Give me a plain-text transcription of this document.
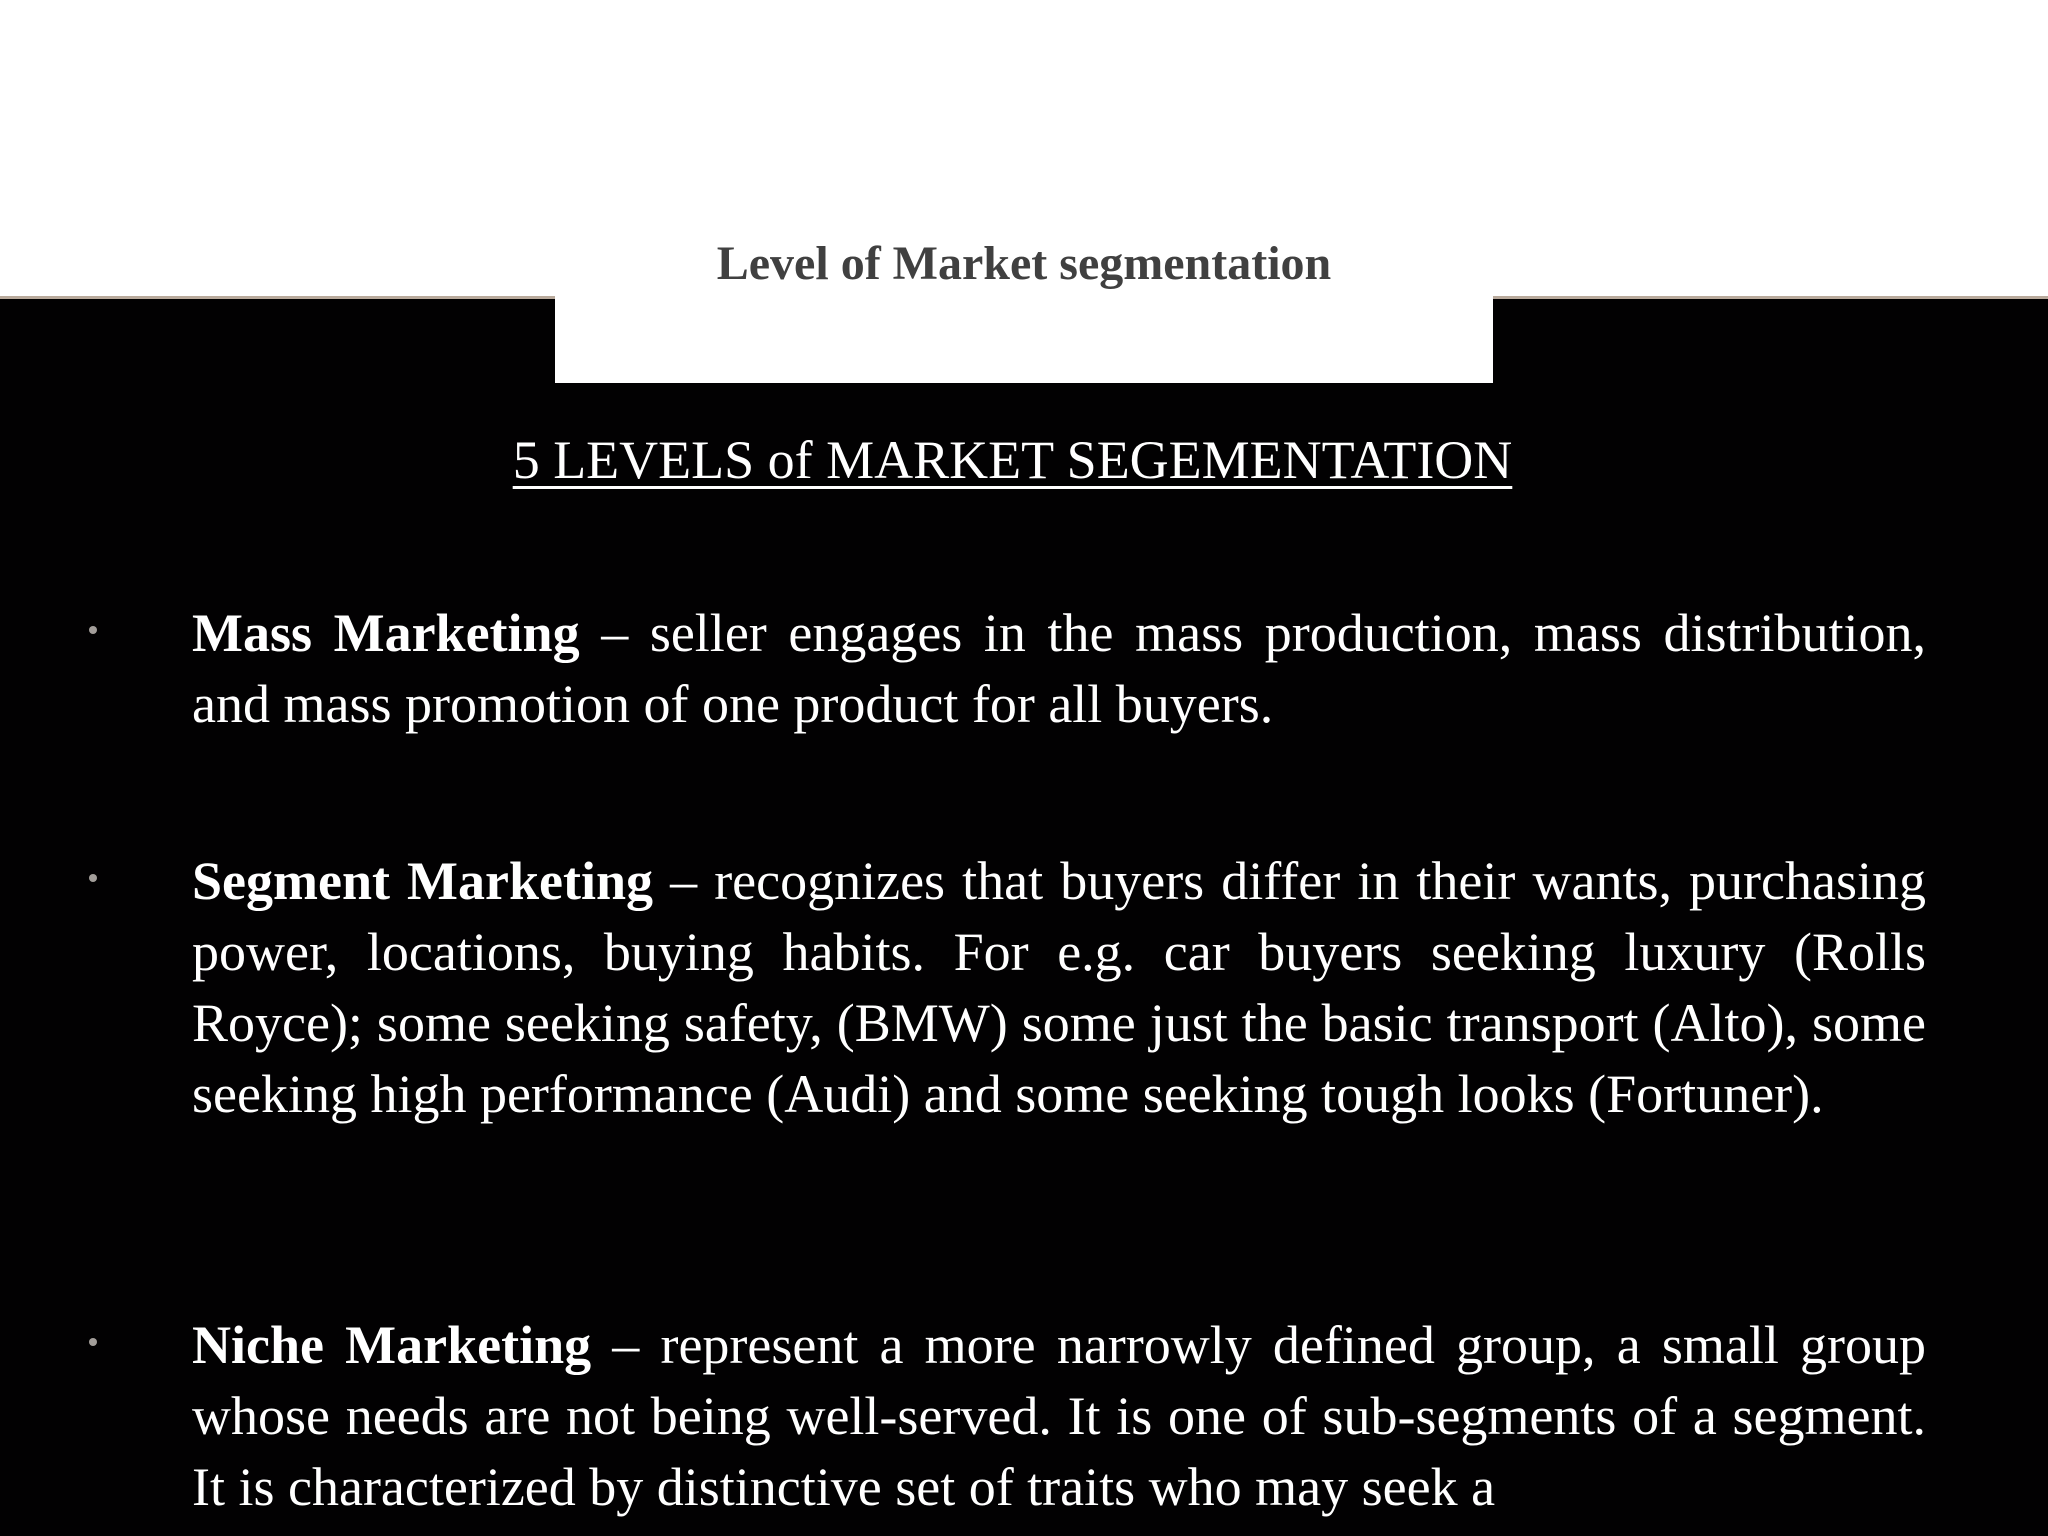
Level of Market segmentation
5 LEVELS of MARKET SEGEMENTATION
Mass Marketing – seller engages in the mass production, mass distribution, and mass promotion of one product for all buyers.
Segment Marketing – recognizes that buyers differ in their wants, purchasing power, locations, buying habits. For e.g. car buyers seeking luxury (Rolls Royce); some seeking safety, (BMW) some just the basic transport (Alto), some seeking high performance (Audi) and some seeking tough looks (Fortuner).
Niche Marketing – represent a more narrowly defined group, a small group whose needs are not being well-served. It is one of sub-segments of a segment. It is characterized by distinctive set of traits who may seek a
